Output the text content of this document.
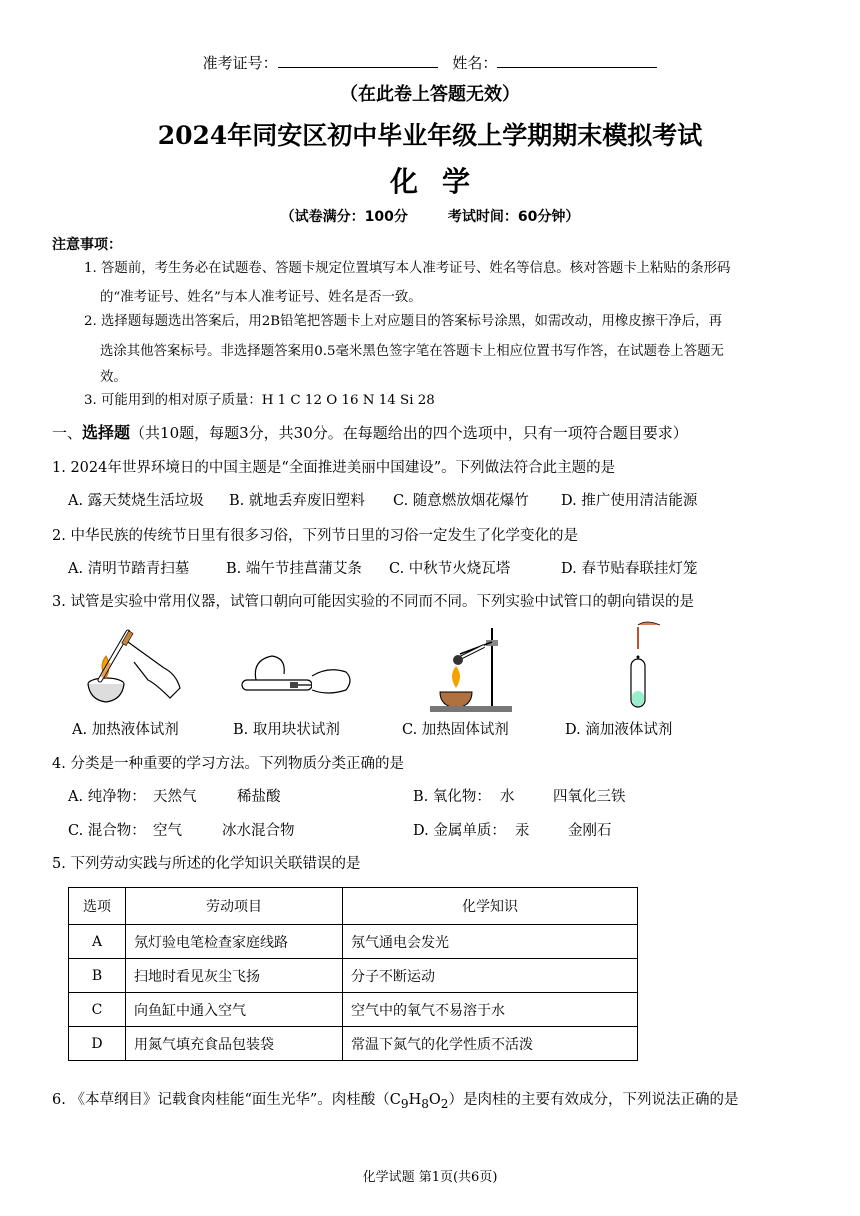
准考证号：	姓名：
（在此卷上答题无效）
2024年同安区初中毕业年级上学期期末模拟考试
化学
（试卷满分：100分	考试时间：60分钟）
注意事项：
1. 答题前，考生务必在试题卷、答题卡规定位置填写本人准考证号、姓名等信息。核对答题卡上粘贴的条形码
的“准考证号、姓名”与本人准考证号、姓名是否一致。
2. 选择题每题选出答案后，用2B铅笔把答题卡上对应题目的答案标号涂黑，如需改动，用橡皮擦干净后，再
选涂其他答案标号。非选择题答案用0.5毫米黑色签字笔在答题卡上相应位置书写作答，在试题卷上答题无
效。
3. 可能用到的相对原子质量：H 1 C 12 O 16 N 14 Si 28
一、选择题（共10题，每题3分，共30分。在每题给出的四个选项中，只有一项符合题目要求）
1. 2024年世界环境日的中国主题是“全面推进美丽中国建设”。下列做法符合此主题的是
A. 露天焚烧生活垃圾 B. 就地丢弃废旧塑料 C. 随意燃放烟花爆竹 D. 推广使用清洁能源
2. 中华民族的传统节日里有很多习俗，下列节日里的习俗一定发生了化学变化的是
A. 清明节踏青扫墓	B. 端午节挂菖蒲艾条 C. 中秋节火烧瓦塔	D. 春节贴春联挂灯笼
3. 试管是实验中常用仪器，试管口朝向可能因实验的不同而不同。下列实验中试管口的朝向错误的是
A. 加热液体试剂	B. 取用块状试剂	C. 加热固体试剂	D. 滴加液体试剂
4. 分类是一种重要的学习方法。下列物质分类正确的是
A. 纯净物： 天然气	稀盐酸	B. 氧化物： 水	四氧化三铁
C. 混合物： 空气	冰水混合物	D. 金属单质： 汞	金刚石
5. 下列劳动实践与所述的化学知识关联错误的是
选项	劳动项目	化学知识
A	氖灯验电笔检查家庭线路	氖气通电会发光
B	扫地时看见灰尘飞扬	分子不断运动
C	向鱼缸中通入空气	空气中的氧气不易溶于水
D	用氮气填充食品包装袋	常温下氮气的化学性质不活泼
6. 《本草纲目》记载食肉桂能“面生光华”。肉桂酸$(C_9H_8O_2)$是肉桂的主要有效成分，下列说法正确的是
化学试题 第1页(共6页)
